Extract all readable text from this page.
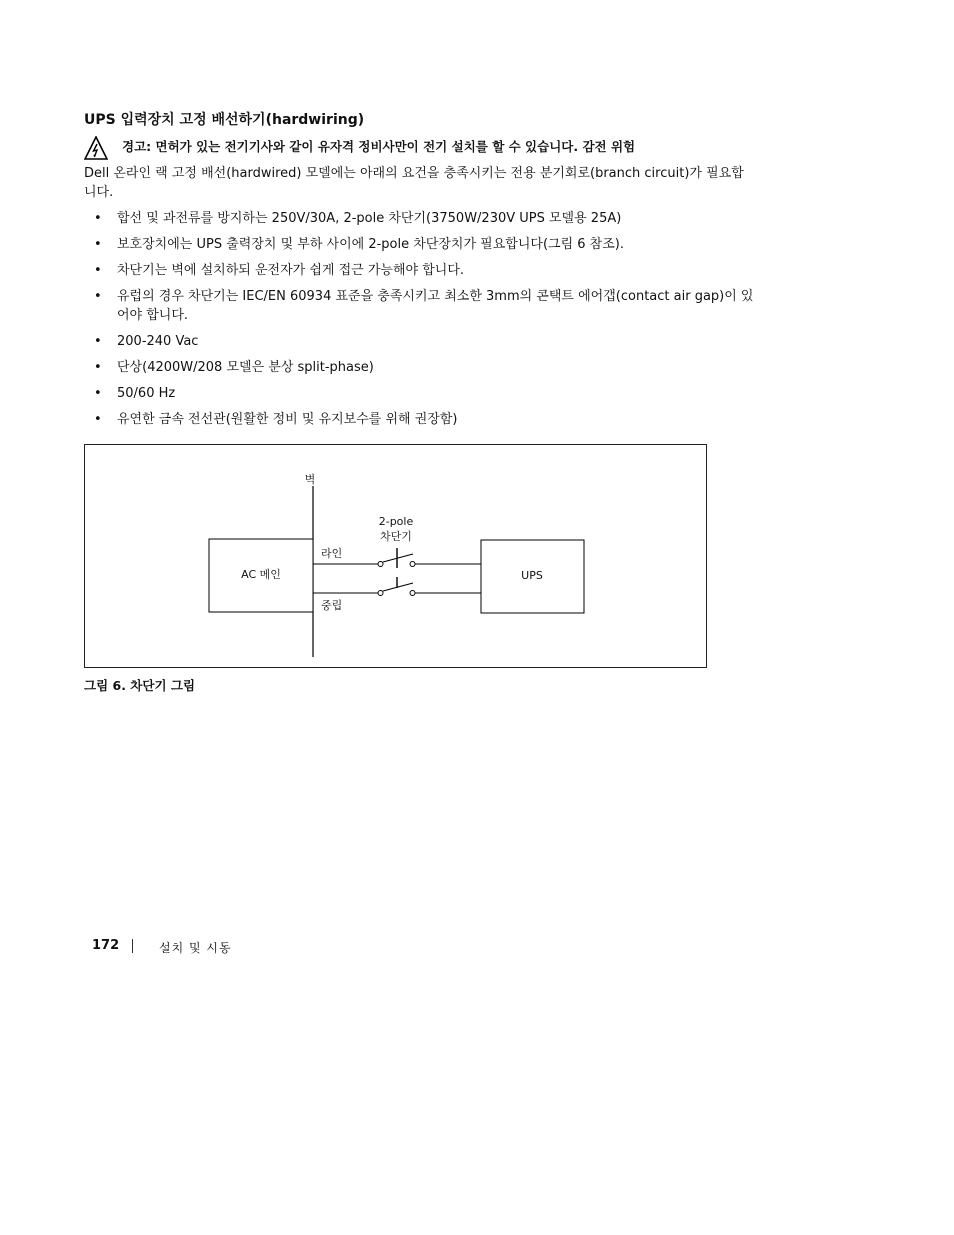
UPS 입력장치 고정 배선하기(hardwiring)
경고: 면허가 있는 전기기사와 같이 유자격 정비사만이 전기 설치를 할 수 있습니다. 감전 위험
Dell 온라인 랙 고정 배선(hardwired) 모델에는 아래의 요건을 충족시키는 전용 분기회로(branch circuit)가 필요합니다.
• 합선 및 과전류를 방지하는 250V/30A, 2-pole 차단기(3750W/230V UPS 모델용 25A)
• 보호장치에는 UPS 출력장치 및 부하 사이에 2-pole 차단장치가 필요합니다(그림 6 참조).
• 차단기는 벽에 설치하되 운전자가 쉽게 접근 가능해야 합니다.
• 유럽의 경우 차단기는 IEC/EN 60934 표준을 충족시키고 최소한 3mm의 콘택트 에어갭(contact air gap)이 있어야 합니다.
• 200-240 Vac
• 단상(4200W/208 모델은 분상 split-phase)
• 50/60 Hz
• 유연한 금속 전선관(원활한 정비 및 유지보수를 위해 권장함)
벽
AC 메인	UPS
2-pole
차단기
라인
중립
그림 6. 차단기 그림
172	설치 및 시동
